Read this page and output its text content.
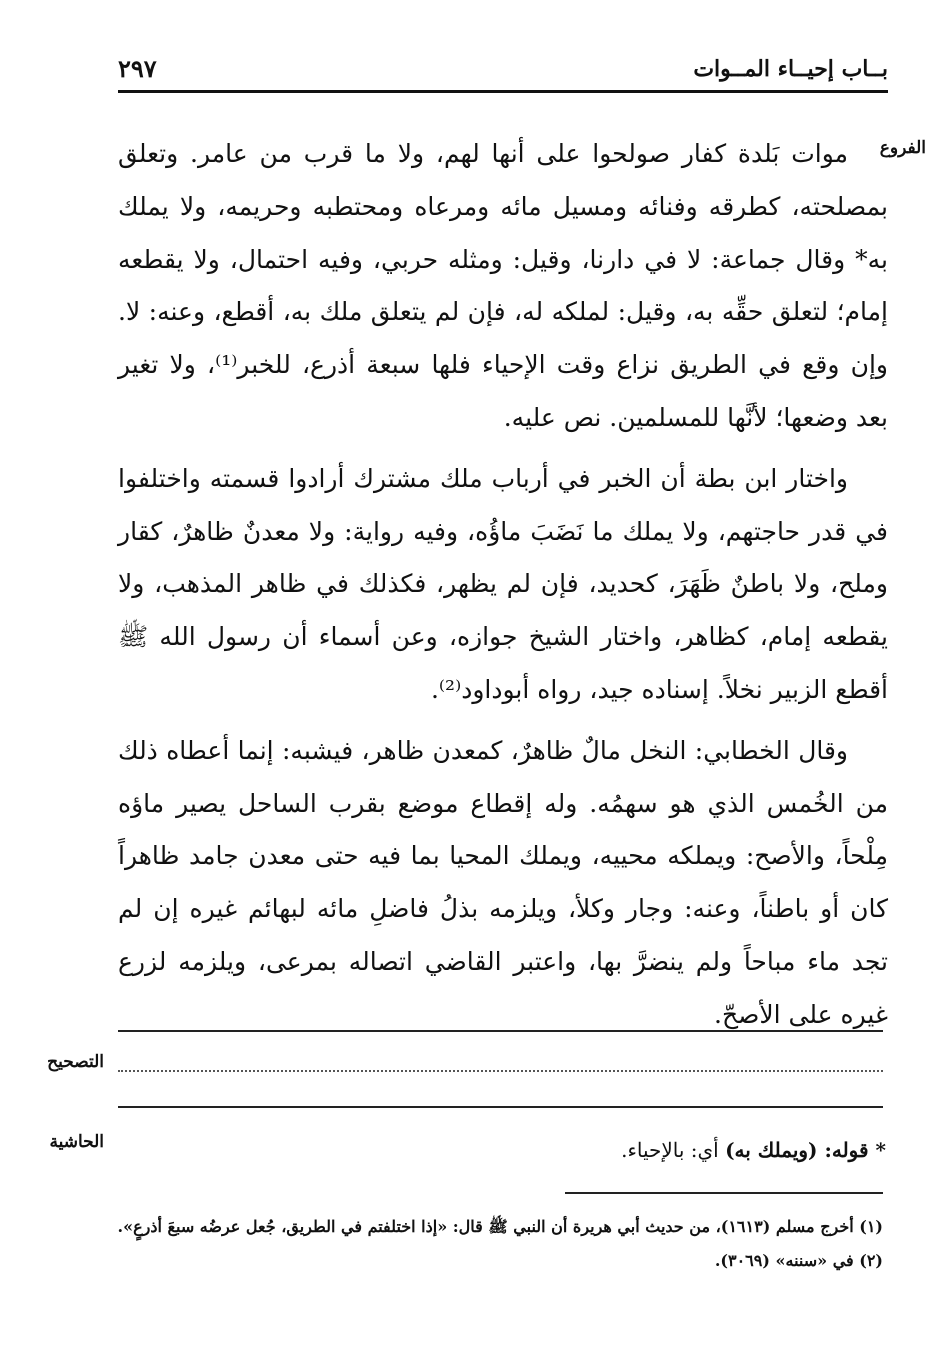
بــاب إحيــاء المــوات
٢٩٧
الفروع

موات بَلدة كفار صولحوا على أنها لهم، ولا ما قرب من عامر. وتعلق بمصلحته، كطرقه وفنائه ومسيل مائه ومرعاه ومحتطبه وحريمه، ولا يملك به* وقال جماعة: لا في دارنا، وقيل: ومثله حربي، وفيه احتمال، ولا يقطعه إمام؛ لتعلق حقِّه به، وقيل: لملكه له، فإن لم يتعلق ملك به، أقطع، وعنه: لا. وإن وقع في الطريق نزاع وقت الإحياء فلها سبعة أذرع، للخبر⁽¹⁾، ولا تغير بعد وضعها؛ لأنَّها للمسلمين. نص عليه.

واختار ابن بطة أن الخبر في أرباب ملك مشترك أرادوا قسمته واختلفوا في قدر حاجتهم، ولا يملك ما نَضَبَ ماؤُه، وفيه رواية: ولا معدنٌ ظاهرٌ، كقار وملح، ولا باطنٌ ظَهَرَ، كحديد، فإن لم يظهر، فكذلك في ظاهر المذهب، ولا يقطعه إمام، كظاهر، واختار الشيخ جوازه، وعن أسماء أن رسول الله ﷺ أقطع الزبير نخلاً. إسناده جيد، رواه أبوداود⁽²⁾.

وقال الخطابي: النخل مالٌ ظاهرٌ، كمعدن ظاهر، فيشبه: إنما أعطاه ذلك من الخُمس الذي هو سهمُه. وله إقطاع موضع بقرب الساحل يصير ماؤه مِلْحاً، والأصح: ويملكه محييه، ويملك المحيا بما فيه حتى معدن جامد ظاهراً كان أو باطناً، وعنه: وجار وكلأ، ويلزمه بذلُ فاضلِ مائه لبهائم غيره إن لم تجد ماء مباحاً ولم ينضرَّ بها، واعتبر القاضي اتصاله بمرعى، ويلزمه لزرع غيره على الأصحّ.

التصحيح
الحاشية	* قوله: (ويملك به) أي: بالإحياء.
(١) أخرج مسلم (١٦١٣)، من حديث أبي هريرة أن النبي ﷺ قال: «إذا اختلفتم في الطريق، جُعل عرضُه سبعَ أذرعٍ».
(٢) في «سننه» (٣٠٦٩).
